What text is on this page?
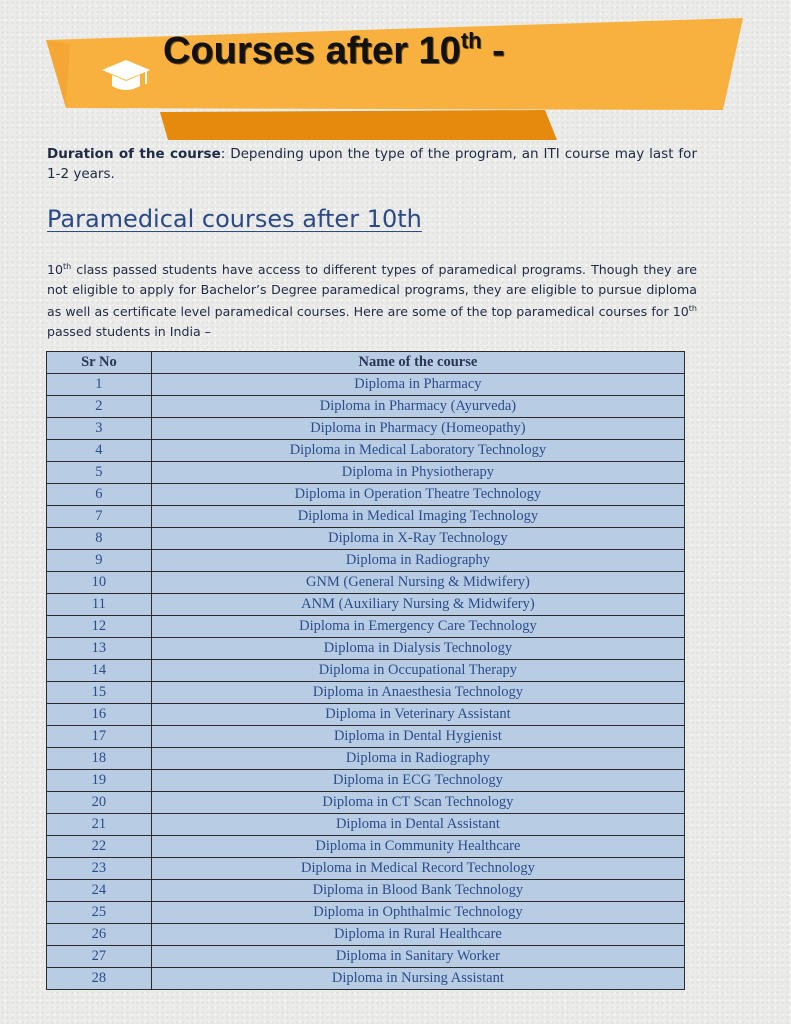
Courses after 10th -

Duration of the course: Depending upon the type of the program, an ITI course may last for 1-2 years.

Paramedical courses after 10th

10th class passed students have access to different types of paramedical programs. Though they are not eligible to apply for Bachelor’s Degree paramedical programs, they are eligible to pursue diploma as well as certificate level paramedical courses. Here are some of the top paramedical courses for 10th passed students in India –

Sr No	Name of the course
1	Diploma in Pharmacy
2	Diploma in Pharmacy (Ayurveda)
3	Diploma in Pharmacy (Homeopathy)
4	Diploma in Medical Laboratory Technology
5	Diploma in Physiotherapy
6	Diploma in Operation Theatre Technology
7	Diploma in Medical Imaging Technology
8	Diploma in X-Ray Technology
9	Diploma in Radiography
10	GNM (General Nursing & Midwifery)
11	ANM (Auxiliary Nursing & Midwifery)
12	Diploma in Emergency Care Technology
13	Diploma in Dialysis Technology
14	Diploma in Occupational Therapy
15	Diploma in Anaesthesia Technology
16	Diploma in Veterinary Assistant
17	Diploma in Dental Hygienist
18	Diploma in Radiography
19	Diploma in ECG Technology
20	Diploma in CT Scan Technology
21	Diploma in Dental Assistant
22	Diploma in Community Healthcare
23	Diploma in Medical Record Technology
24	Diploma in Blood Bank Technology
25	Diploma in Ophthalmic Technology
26	Diploma in Rural Healthcare
27	Diploma in Sanitary Worker
28	Diploma in Nursing Assistant
